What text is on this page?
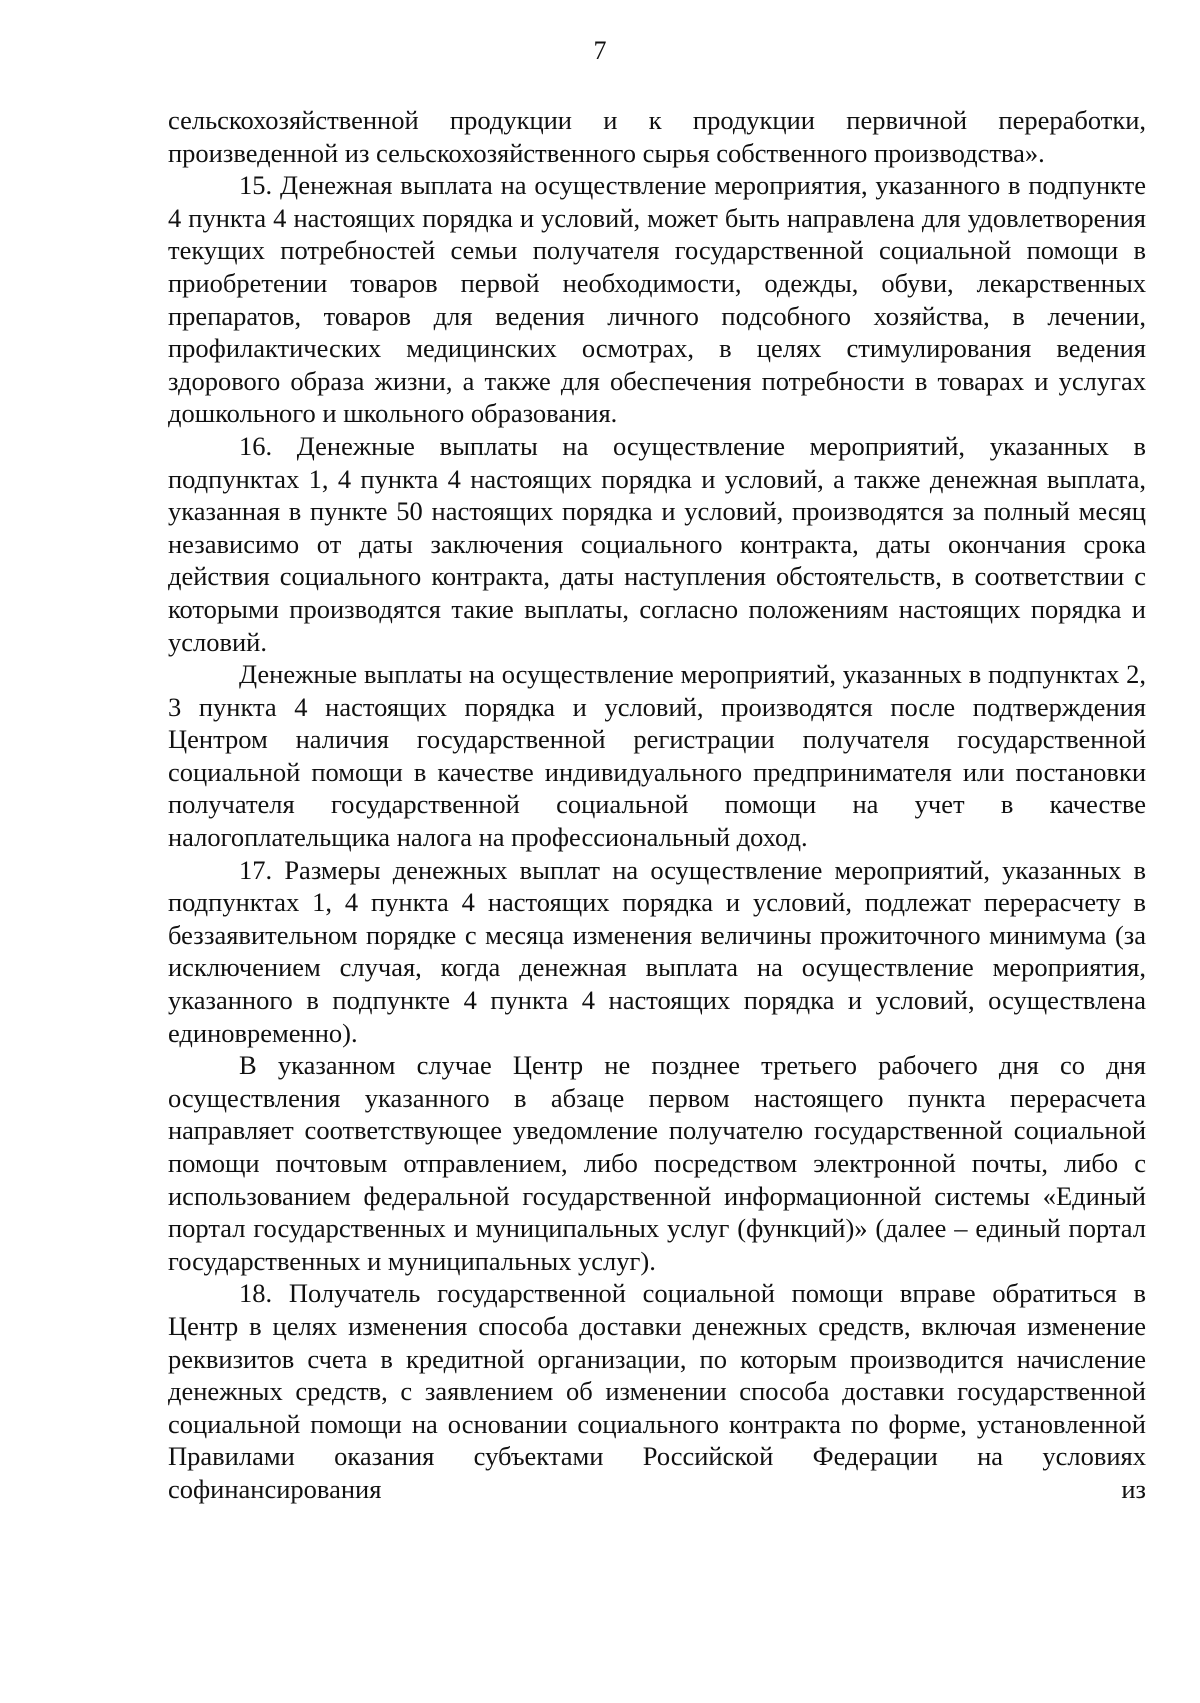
7

сельскохозяйственной продукции и к продукции первичной переработки, произведенной из сельскохозяйственного сырья собственного производства».

15. Денежная выплата на осуществление мероприятия, указанного в подпункте 4 пункта 4 настоящих порядка и условий, может быть направлена для удовлетворения текущих потребностей семьи получателя государственной социальной помощи в приобретении товаров первой необходимости, одежды, обуви, лекарственных препаратов, товаров для ведения личного подсобного хозяйства, в лечении, профилактических медицинских осмотрах, в целях стимулирования ведения здорового образа жизни, а также для обеспечения потребности в товарах и услугах дошкольного и школьного образования.

16. Денежные выплаты на осуществление мероприятий, указанных в подпунктах 1, 4 пункта 4 настоящих порядка и условий, а также денежная выплата, указанная в пункте 50 настоящих порядка и условий, производятся за полный месяц независимо от даты заключения социального контракта, даты окончания срока действия социального контракта, даты наступления обстоятельств, в соответствии с которыми производятся такие выплаты, согласно положениям настоящих порядка и условий.

Денежные выплаты на осуществление мероприятий, указанных в подпунктах 2, 3 пункта 4 настоящих порядка и условий, производятся после подтверждения Центром наличия государственной регистрации получателя государственной социальной помощи в качестве индивидуального предпринимателя или постановки получателя государственной социальной помощи на учет в качестве налогоплательщика налога на профессиональный доход.

17. Размеры денежных выплат на осуществление мероприятий, указанных в подпунктах 1, 4 пункта 4 настоящих порядка и условий, подлежат перерасчету в беззаявительном порядке с месяца изменения величины прожиточного минимума (за исключением случая, когда денежная выплата на осуществление мероприятия, указанного в подпункте 4 пункта 4 настоящих порядка и условий, осуществлена единовременно).

В указанном случае Центр не позднее третьего рабочего дня со дня осуществления указанного в абзаце первом настоящего пункта перерасчета направляет соответствующее уведомление получателю государственной социальной помощи почтовым отправлением, либо посредством электронной почты, либо с использованием федеральной государственной информационной системы «Единый портал государственных и муниципальных услуг (функций)» (далее – единый портал государственных и муниципальных услуг).

18. Получатель государственной социальной помощи вправе обратиться в Центр в целях изменения способа доставки денежных средств, включая изменение реквизитов счета в кредитной организации, по которым производится начисление денежных средств, с заявлением об изменении способа доставки государственной социальной помощи на основании социального контракта по форме, установленной Правилами оказания субъектами Российской Федерации на условиях софинансирования из
